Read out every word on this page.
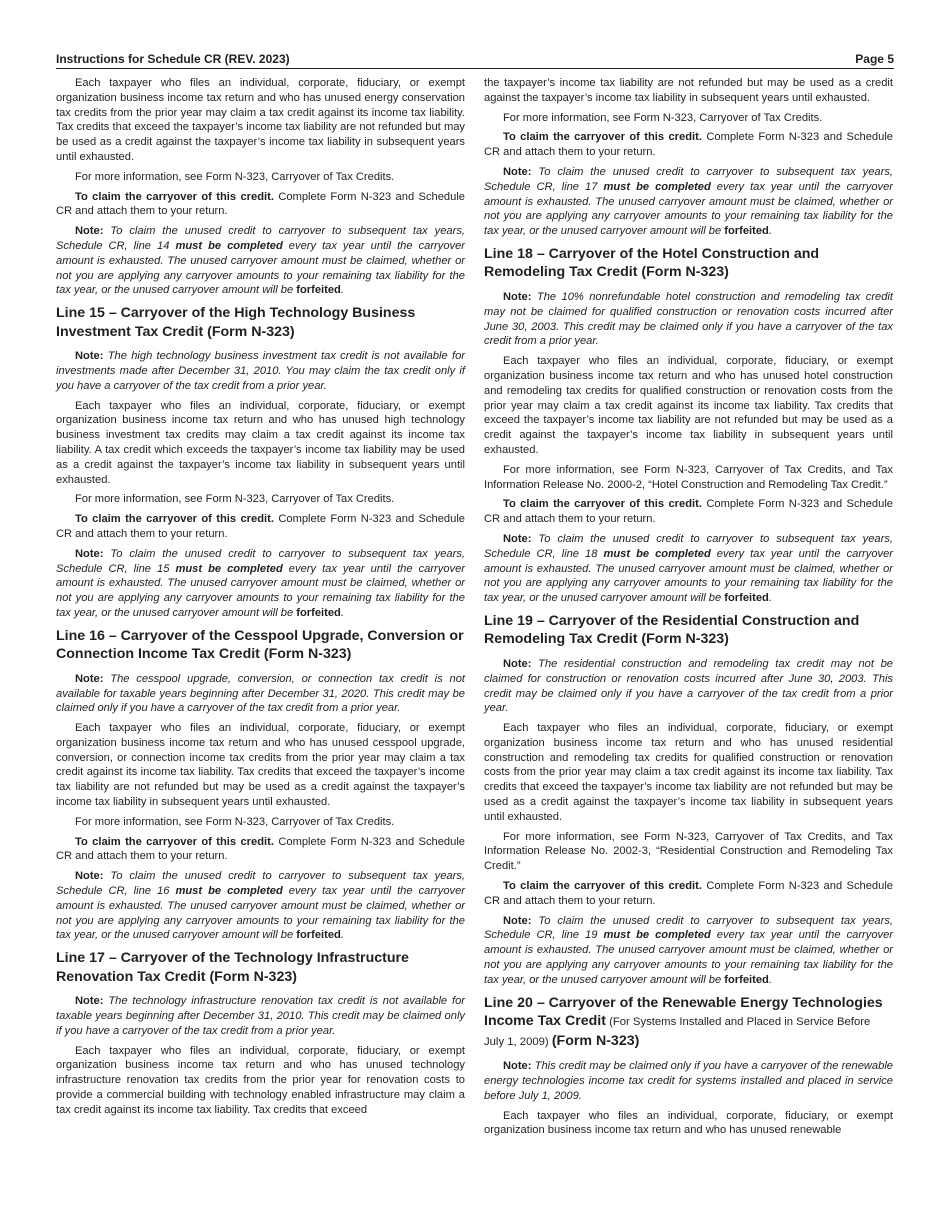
Instructions for Schedule CR (REV. 2023)	Page 5

Each taxpayer who files an individual, corporate, fiduciary, or exempt organization business income tax return and who has unused energy conservation tax credits from the prior year may claim a tax credit against its income tax liability. Tax credits that exceed the taxpayer’s income tax liability are not refunded but may be used as a credit against the taxpayer’s income tax liability in subsequent years until exhausted.

For more information, see Form N-323, Carryover of Tax Credits.

To claim the carryover of this credit. Complete Form N-323 and Schedule CR and attach them to your return.

Note: To claim the unused credit to carryover to subsequent tax years, Schedule CR, line 14 must be completed every tax year until the carryover amount is exhausted. The unused carryover amount must be claimed, whether or not you are applying any carryover amounts to your remaining tax liability for the tax year, or the unused carryover amount will be forfeited.

Line 15 – Carryover of the High Technology Business Investment Tax Credit (Form N-323)

Note: The high technology business investment tax credit is not available for investments made after December 31, 2010. You may claim the tax credit only if you have a carryover of the tax credit from a prior year.

Each taxpayer who files an individual, corporate, fiduciary, or exempt organization business income tax return and who has unused high technology business investment tax credits may claim a tax credit against its income tax liability. A tax credit which exceeds the taxpayer’s income tax liability may be used as a credit against the taxpayer’s income tax liability in subsequent years until exhausted.

For more information, see Form N-323, Carryover of Tax Credits.

To claim the carryover of this credit. Complete Form N-323 and Schedule CR and attach them to your return.

Note: To claim the unused credit to carryover to subsequent tax years, Schedule CR, line 15 must be completed every tax year until the carryover amount is exhausted. The unused carryover amount must be claimed, whether or not you are applying any carryover amounts to your remaining tax liability for the tax year, or the unused carryover amount will be forfeited.

Line 16 – Carryover of the Cesspool Upgrade, Conversion or Connection Income Tax Credit (Form N-323)

Note: The cesspool upgrade, conversion, or connection tax credit is not available for taxable years beginning after December 31, 2020. This credit may be claimed only if you have a carryover of the tax credit from a prior year.

Each taxpayer who files an individual, corporate, fiduciary, or exempt organization business income tax return and who has unused cesspool upgrade, conversion, or connection income tax credits from the prior year may claim a tax credit against its income tax liability. Tax credits that exceed the taxpayer’s income tax liability are not refunded but may be used as a credit against the taxpayer’s income tax liability in subsequent years until exhausted.

For more information, see Form N-323, Carryover of Tax Credits.

To claim the carryover of this credit. Complete Form N-323 and Schedule CR and attach them to your return.

Note: To claim the unused credit to carryover to subsequent tax years, Schedule CR, line 16 must be completed every tax year until the carryover amount is exhausted. The unused carryover amount must be claimed, whether or not you are applying any carryover amounts to your remaining tax liability for the tax year, or the unused carryover amount will be forfeited.

Line 17 – Carryover of the Technology Infrastructure Renovation Tax Credit (Form N-323)

Note: The technology infrastructure renovation tax credit is not available for taxable years beginning after December 31, 2010. This credit may be claimed only if you have a carryover of the tax credit from a prior year.

Each taxpayer who files an individual, corporate, fiduciary, or exempt organization business income tax return and who has unused technology infrastructure renovation tax credits from the prior year for renovation costs to provide a commercial building with technology enabled infrastructure may claim a tax credit against its income tax liability. Tax credits that exceed

the taxpayer’s income tax liability are not refunded but may be used as a credit against the taxpayer’s income tax liability in subsequent years until exhausted.

For more information, see Form N-323, Carryover of Tax Credits.

To claim the carryover of this credit. Complete Form N-323 and Schedule CR and attach them to your return.

Note: To claim the unused credit to carryover to subsequent tax years, Schedule CR, line 17 must be completed every tax year until the carryover amount is exhausted. The unused carryover amount must be claimed, whether or not you are applying any carryover amounts to your remaining tax liability for the tax year, or the unused carryover amount will be forfeited.

Line 18 – Carryover of the Hotel Construction and Remodeling Tax Credit (Form N-323)

Note: The 10% nonrefundable hotel construction and remodeling tax credit may not be claimed for qualified construction or renovation costs incurred after June 30, 2003. This credit may be claimed only if you have a carryover of the tax credit from a prior year.

Each taxpayer who files an individual, corporate, fiduciary, or exempt organization business income tax return and who has unused hotel construction and remodeling tax credits for qualified construction or renovation costs from the prior year may claim a tax credit against its income tax liability. Tax credits that exceed the taxpayer’s income tax liability are not refunded but may be used as a credit against the taxpayer’s income tax liability in subsequent years until exhausted.

For more information, see Form N-323, Carryover of Tax Credits, and Tax Information Release No. 2000-2, “Hotel Construction and Remodeling Tax Credit.”

To claim the carryover of this credit. Complete Form N-323 and Schedule CR and attach them to your return.

Note: To claim the unused credit to carryover to subsequent tax years, Schedule CR, line 18 must be completed every tax year until the carryover amount is exhausted. The unused carryover amount must be claimed, whether or not you are applying any carryover amounts to your remaining tax liability for the tax year, or the unused carryover amount will be forfeited.

Line 19 – Carryover of the Residential Construction and Remodeling Tax Credit (Form N-323)

Note: The residential construction and remodeling tax credit may not be claimed for construction or renovation costs incurred after June 30, 2003. This credit may be claimed only if you have a carryover of the tax credit from a prior year.

Each taxpayer who files an individual, corporate, fiduciary, or exempt organization business income tax return and who has unused residential construction and remodeling tax credits for qualified construction or renovation costs from the prior year may claim a tax credit against its income tax liability. Tax credits that exceed the taxpayer’s income tax liability are not refunded but may be used as a credit against the taxpayer’s income tax liability in subsequent years until exhausted.

For more information, see Form N-323, Carryover of Tax Credits, and Tax Information Release No. 2002-3, “Residential Construction and Remodeling Tax Credit.”

To claim the carryover of this credit. Complete Form N-323 and Schedule CR and attach them to your return.

Note: To claim the unused credit to carryover to subsequent tax years, Schedule CR, line 19 must be completed every tax year until the carryover amount is exhausted. The unused carryover amount must be claimed, whether or not you are applying any carryover amounts to your remaining tax liability for the tax year, or the unused carryover amount will be forfeited.

Line 20 – Carryover of the Renewable Energy Technologies Income Tax Credit (For Systems Installed and Placed in Service Before July 1, 2009) (Form N-323)

Note: This credit may be claimed only if you have a carryover of the renewable energy technologies income tax credit for systems installed and placed in service before July 1, 2009.

Each taxpayer who files an individual, corporate, fiduciary, or exempt organization business income tax return and who has unused renewable
